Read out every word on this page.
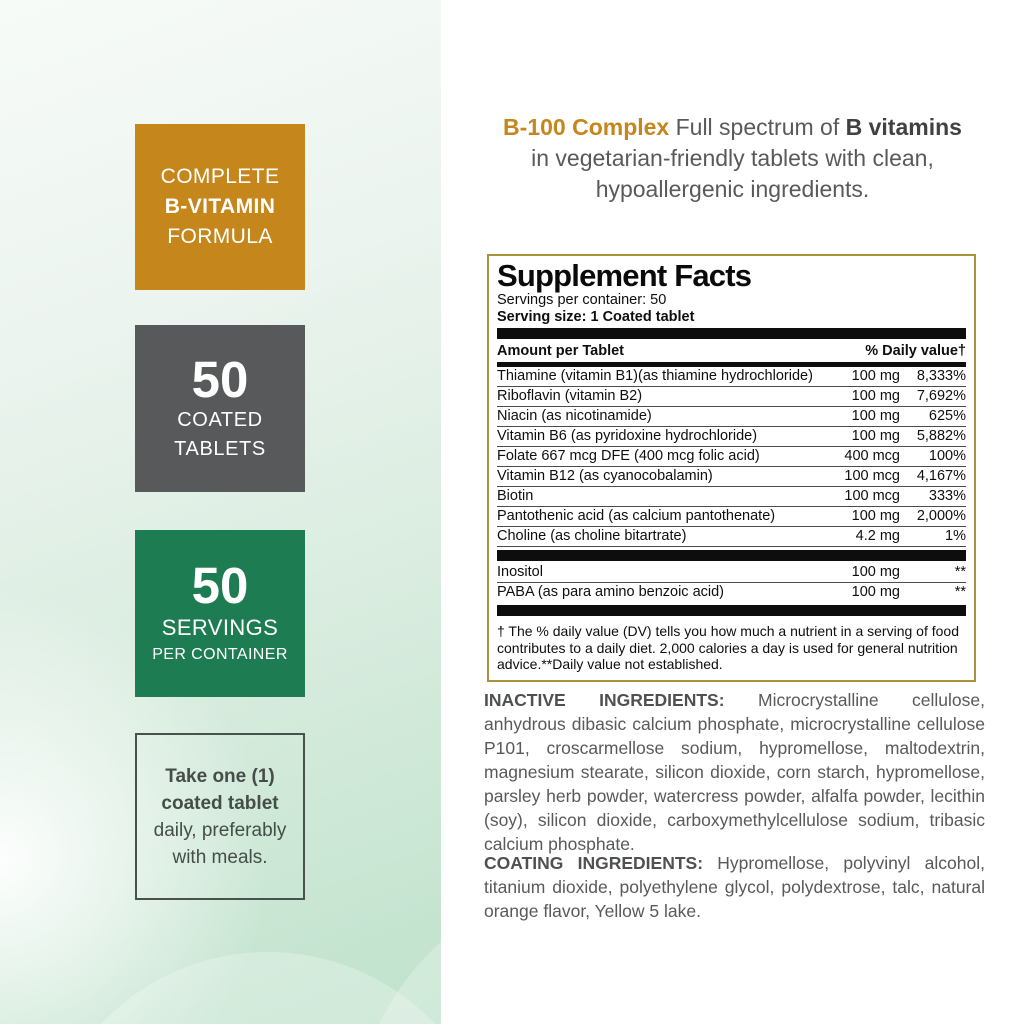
COMPLETE
B-VITAMIN
FORMULA
50
COATED
TABLETS
50
SERVINGS
PER CONTAINER
Take one (1)
coated tablet
daily, preferably
with meals.
B-100 Complex Full spectrum of B vitamins
in vegetarian-friendly tablets with clean,
hypoallergenic ingredients.
Supplement Facts
Servings per container: 50
Serving size: 1 Coated tablet
Amount per Tablet	% Daily value†
Thiamine (vitamin B1)(as thiamine hydrochloride)	100 mg	8,333%
Riboflavin (vitamin B2)	100 mg	7,692%
Niacin (as nicotinamide)	100 mg	625%
Vitamin B6 (as pyridoxine hydrochloride)	100 mg	5,882%
Folate 667 mcg DFE (400 mcg folic acid)	400 mcg	100%
Vitamin B12 (as cyanocobalamin)	100 mcg	4,167%
Biotin	100 mcg	333%
Pantothenic acid (as calcium pantothenate)	100 mg	2,000%
Choline (as choline bitartrate)	4.2 mg	1%
Inositol	100 mg	**
PABA (as para amino benzoic acid)	100 mg	**
† The % daily value (DV) tells you how much a nutrient in a serving of food contributes to a daily diet. 2,000 calories a day is used for general nutrition advice.**Daily value not established.
INACTIVE INGREDIENTS: Microcrystalline cellulose, anhydrous dibasic calcium phosphate, microcrystalline cellulose P101, croscarmellose sodium, hypromellose, maltodextrin, magnesium stearate, silicon dioxide, corn starch, hypromellose, parsley herb powder, watercress powder, alfalfa powder, lecithin (soy), silicon dioxide, carboxymethylcellulose sodium, tribasic calcium phosphate.
COATING INGREDIENTS: Hypromellose, polyvinyl alcohol, titanium dioxide, polyethylene glycol, polydextrose, talc, natural orange flavor, Yellow 5 lake.
